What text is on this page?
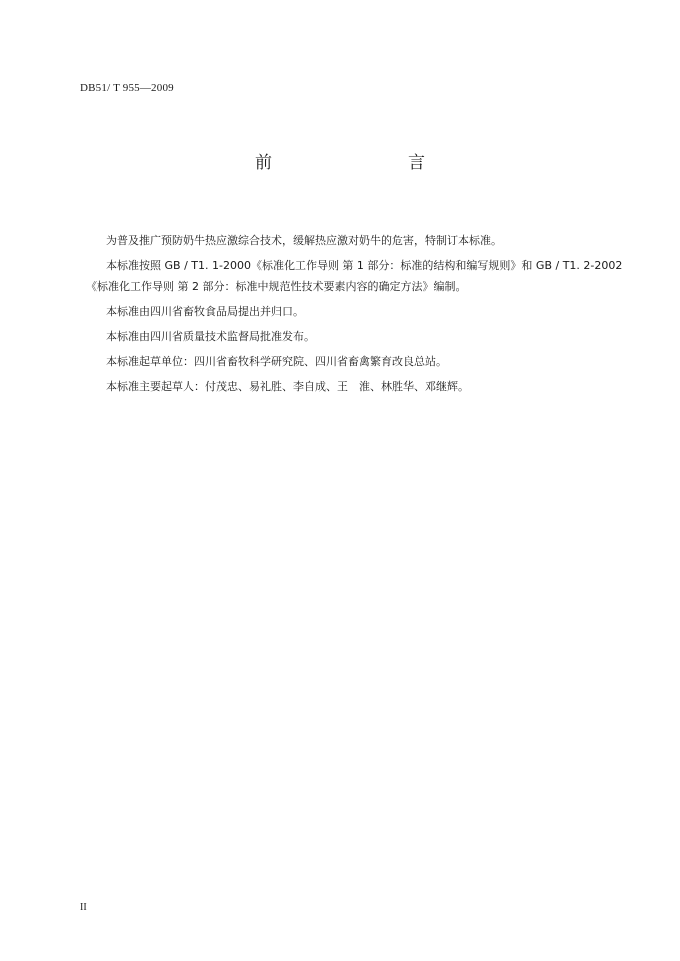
DB51/ T 955—2009
前　　言

为普及推广预防奶牛热应激综合技术，缓解热应激对奶牛的危害，特制订本标准。

本标准按照 GB / T1. 1-2000《标准化工作导则 第 1 部分：标准的结构和编写规则》和 GB / T1. 2-2002

《标准化工作导则 第 2 部分：标准中规范性技术要素内容的确定方法》编制。

本标准由四川省畜牧食品局提出并归口。

本标准由四川省质量技术监督局批准发布。

本标准起草单位：四川省畜牧科学研究院、四川省畜禽繁育改良总站。

本标准主要起草人：付茂忠、易礼胜、李自成、王　淮、林胜华、邓继辉。

II
